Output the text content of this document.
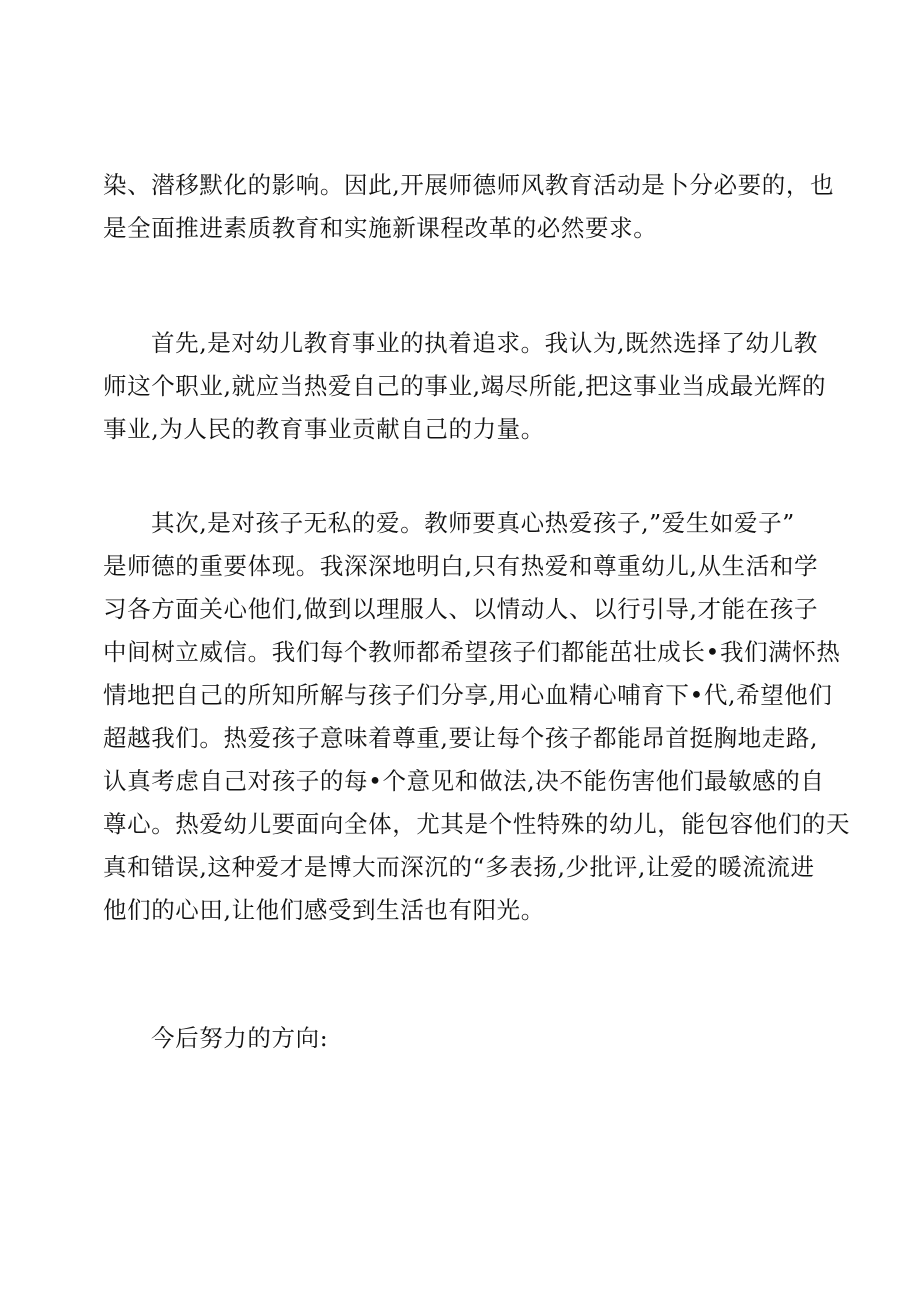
染、潜移默化的影响。因此,开展师德师风教育活动是卜分必要的，也
是全面推进素质教育和实施新课程改革的必然要求。
首先,是对幼儿教育事业的执着追求。我认为,既然选择了幼儿教
师这个职业,就应当热爱自己的事业,竭尽所能,把这事业当成最光辉的
事业,为人民的教育事业贡献自己的力量。
其次,是对孩子无私的爱。教师要真心热爱孩子,”爱生如爱子”
是师德的重要体现。我深深地明白,只有热爱和尊重幼儿,从生活和学
习各方面关心他们,做到以理服人、以情动人、以行引导,才能在孩子
中间树立威信。我们每个教师都希望孩子们都能茁壮成长•我们满怀热
情地把自己的所知所解与孩子们分享,用心血精心哺育下•代,希望他们
超越我们。热爱孩子意味着尊重,要让每个孩子都能昂首挺胸地走路,
认真考虑自己对孩子的每•个意见和做法,决不能伤害他们最敏感的自
尊心。热爱幼儿要面向全体，尤其是个性特殊的幼儿，能包容他们的天
真和错误,这种爱才是博大而深沉的“多表扬,少批评,让爱的暖流流进
他们的心田,让他们感受到生活也有阳光。
今后努力的方向:
